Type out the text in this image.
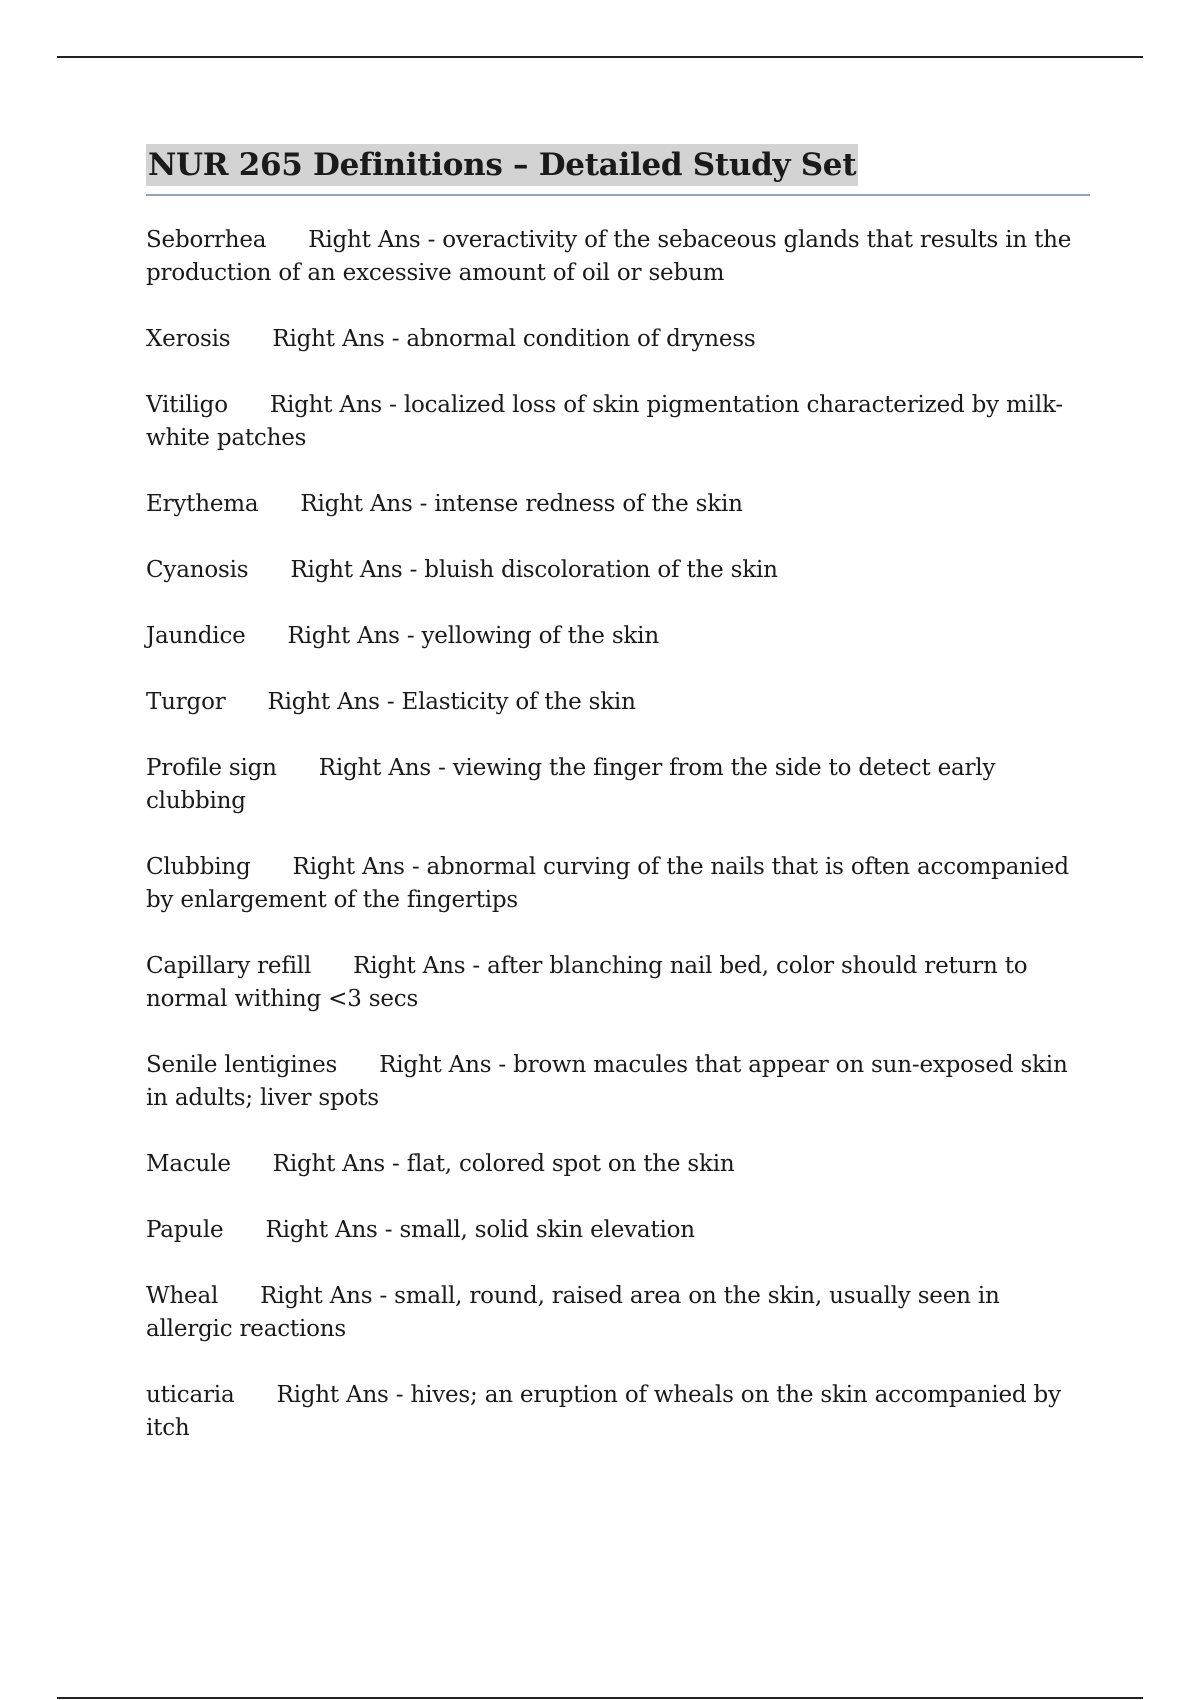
NUR 265 Definitions – Detailed Study Set
Seborrhea Right Ans - overactivity of the sebaceous glands that results in the production of an excessive amount of oil or sebum
Xerosis Right Ans - abnormal condition of dryness
Vitiligo Right Ans - localized loss of skin pigmentation characterized by milk-white patches
Erythema Right Ans - intense redness of the skin
Cyanosis Right Ans - bluish discoloration of the skin
Jaundice Right Ans - yellowing of the skin
Turgor Right Ans - Elasticity of the skin
Profile sign Right Ans - viewing the finger from the side to detect early clubbing
Clubbing Right Ans - abnormal curving of the nails that is often accompanied by enlargement of the fingertips
Capillary refill Right Ans - after blanching nail bed, color should return to normal withing <3 secs
Senile lentigines Right Ans - brown macules that appear on sun-exposed skin in adults; liver spots
Macule Right Ans - flat, colored spot on the skin
Papule Right Ans - small, solid skin elevation
Wheal Right Ans - small, round, raised area on the skin, usually seen in allergic reactions
uticaria Right Ans - hives; an eruption of wheals on the skin accompanied by itch
